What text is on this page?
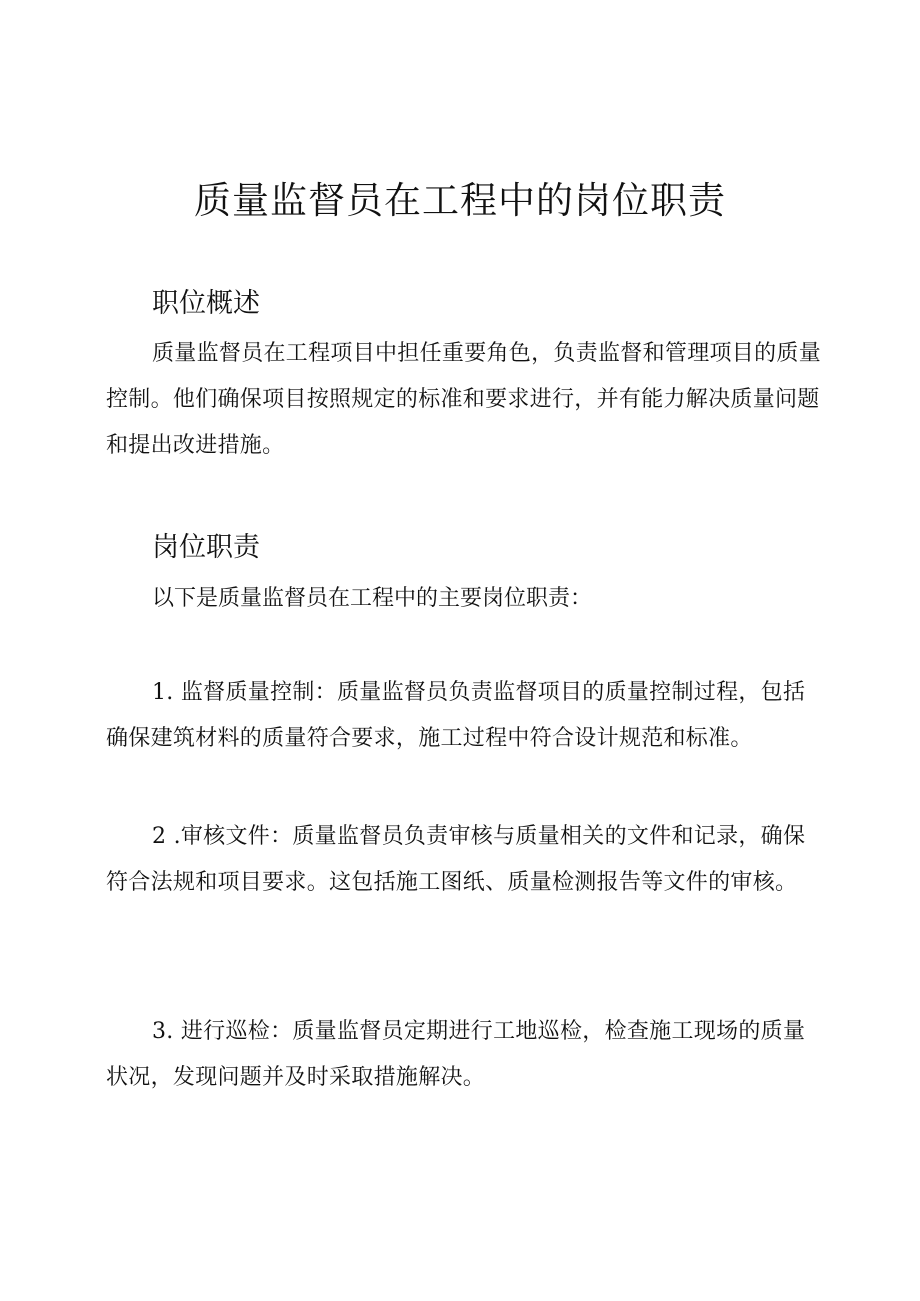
质量监督员在工程中的岗位职责
职位概述

质量监督员在工程项目中担任重要角色，负责监督和管理项目的质量控制。他们确保项目按照规定的标准和要求进行，并有能力解决质量问题和提出改进措施。

岗位职责

以下是质量监督员在工程中的主要岗位职责：

1. 监督质量控制：质量监督员负责监督项目的质量控制过程，包括确保建筑材料的质量符合要求，施工过程中符合设计规范和标准。

2 .审核文件：质量监督员负责审核与质量相关的文件和记录，确保符合法规和项目要求。这包括施工图纸、质量检测报告等文件的审核。

3. 进行巡检：质量监督员定期进行工地巡检，检查施工现场的质量状况，发现问题并及时采取措施解决。
